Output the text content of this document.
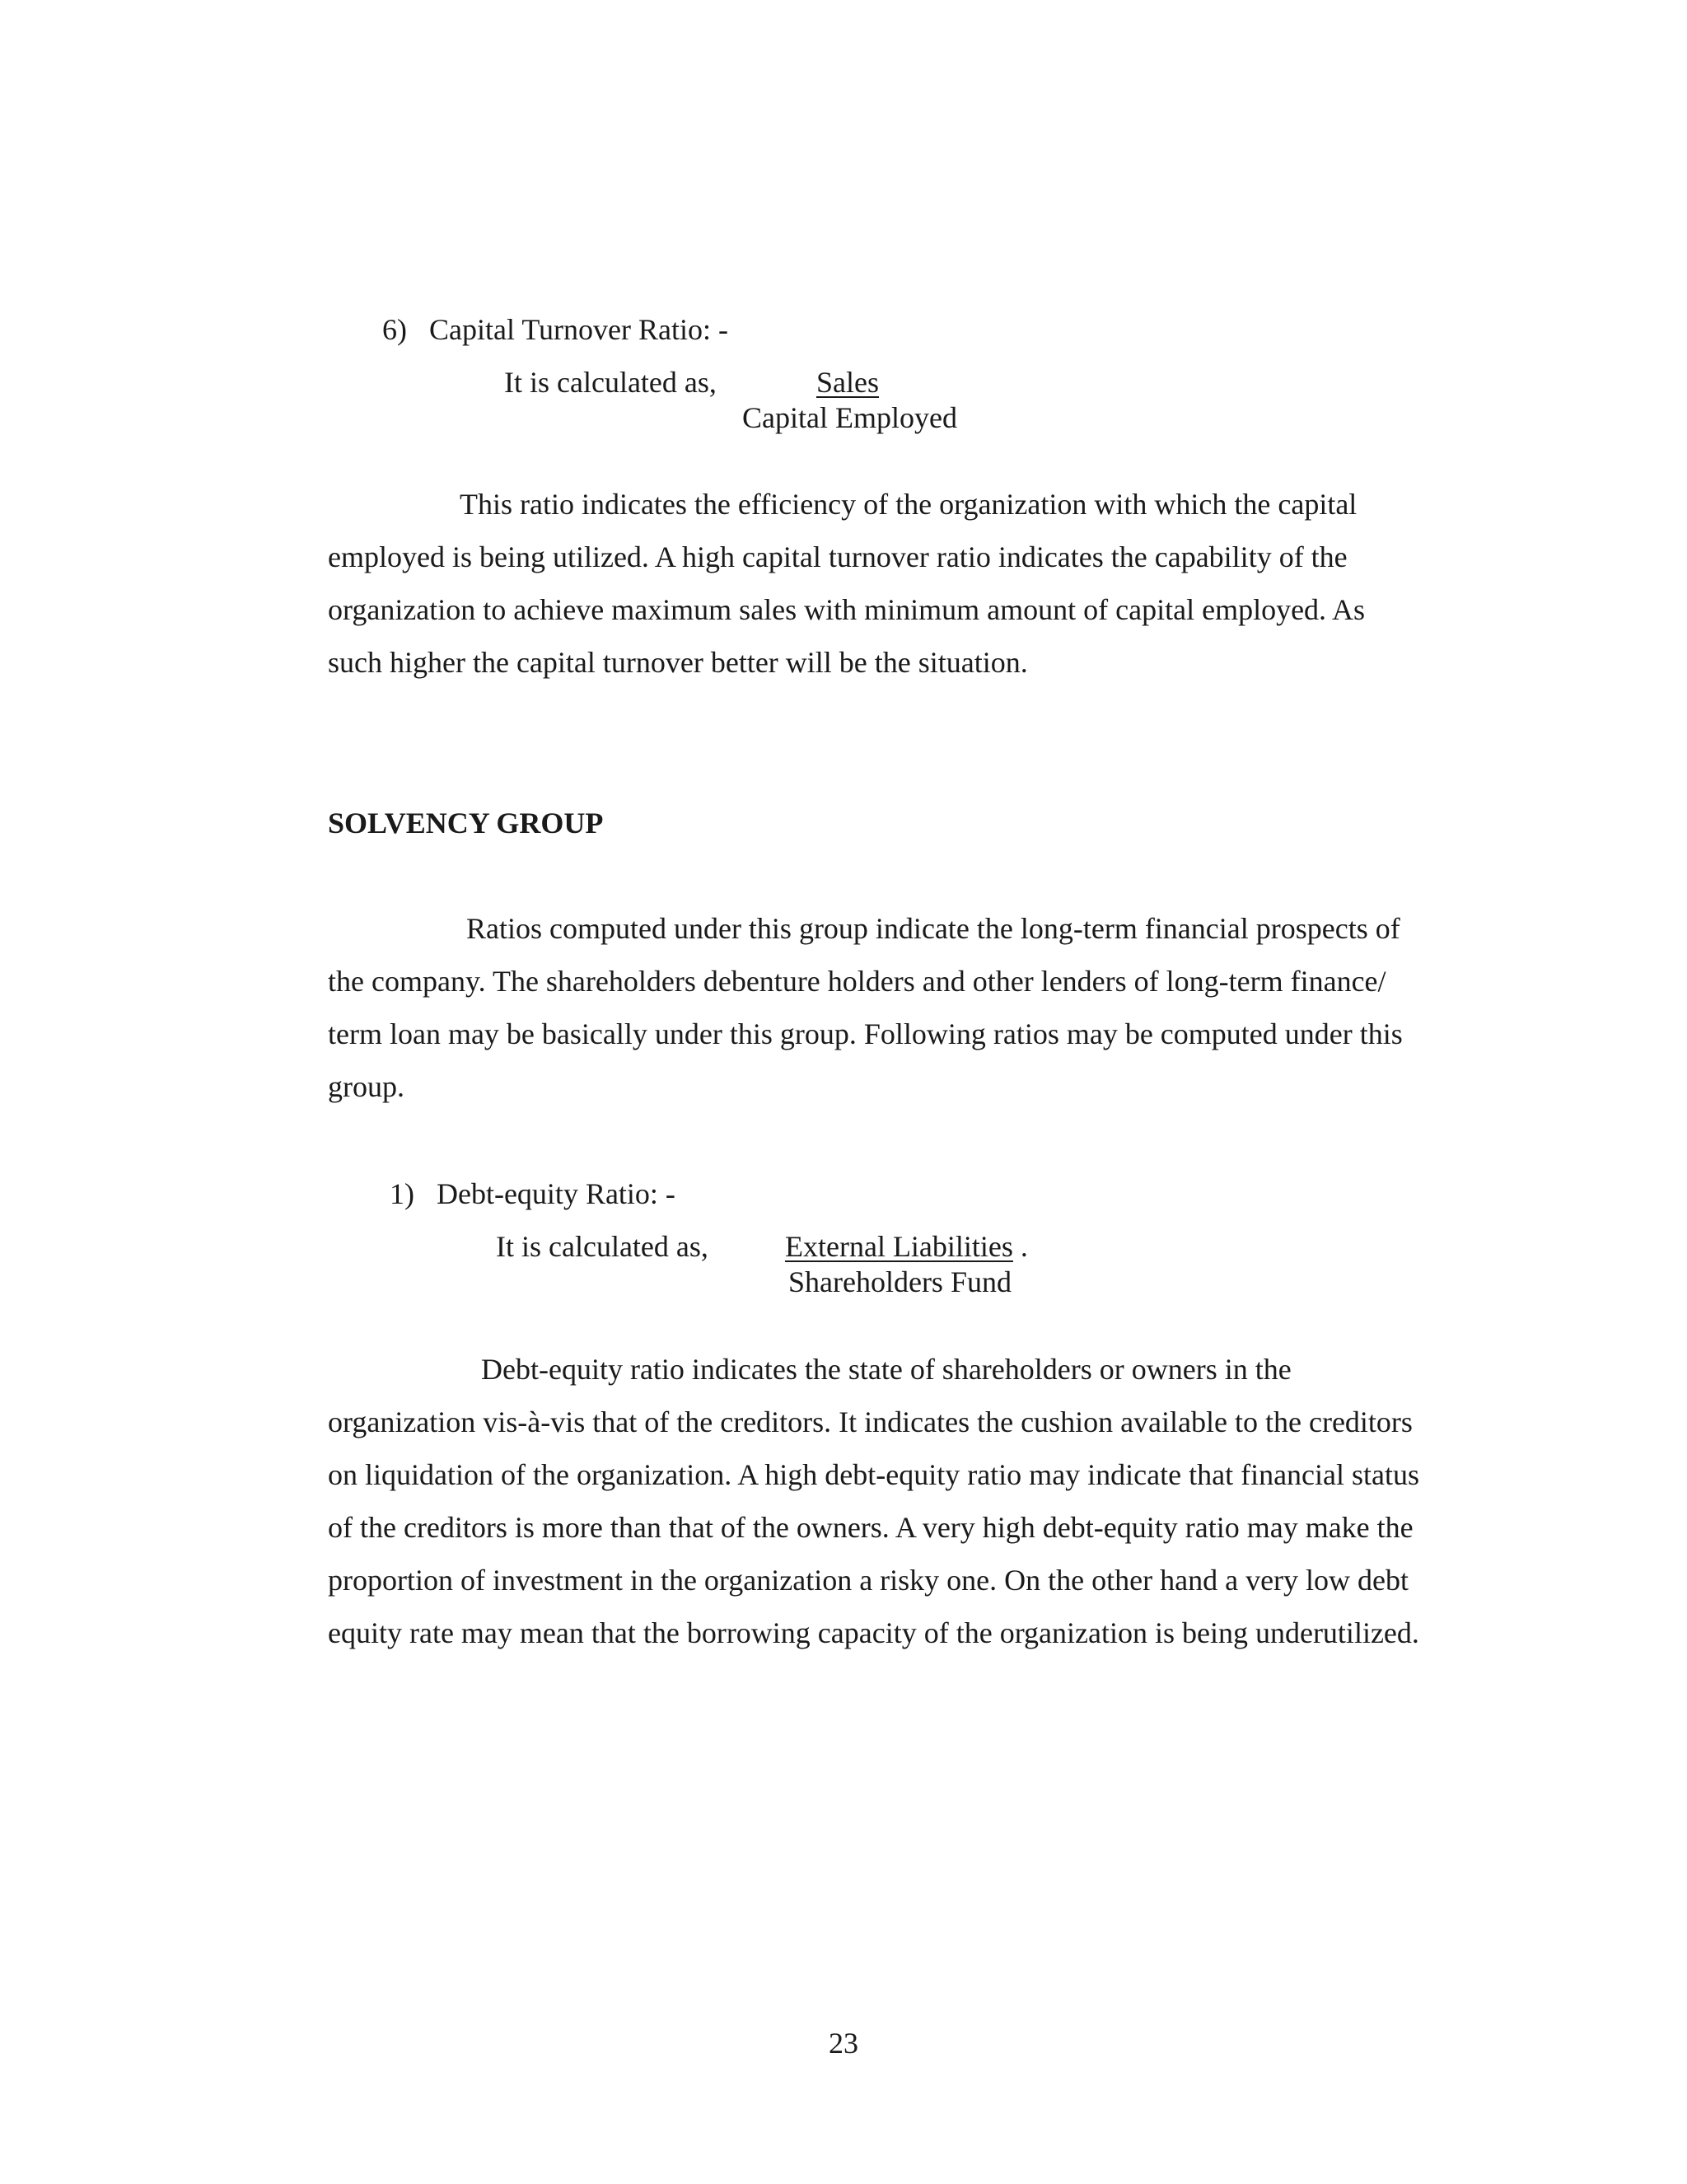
6)  Capital Turnover Ratio: -
It is calculated as,	Sales
Capital Employed

This ratio indicates the efficiency of the organization with which the capital employed is being utilized. A high capital turnover ratio indicates the capability of the organization to achieve maximum sales with minimum amount of capital employed. As such higher the capital turnover better will be the situation.

SOLVENCY GROUP

Ratios computed under this group indicate the long-term financial prospects of the company. The shareholders debenture holders and other lenders of long-term finance/ term loan may be basically under this group. Following ratios may be computed under this group.

1)  Debt-equity Ratio: -
It is calculated as,	External Liabilities .
Shareholders Fund

Debt-equity ratio indicates the state of shareholders or owners in the organization vis-à-vis that of the creditors. It indicates the cushion available to the creditors on liquidation of the organization. A high debt-equity ratio may indicate that financial status of the creditors is more than that of the owners. A very high debt-equity ratio may make the proportion of investment in the organization a risky one. On the other hand a very low debt equity rate may mean that the borrowing capacity of the organization is being underutilized.

23
